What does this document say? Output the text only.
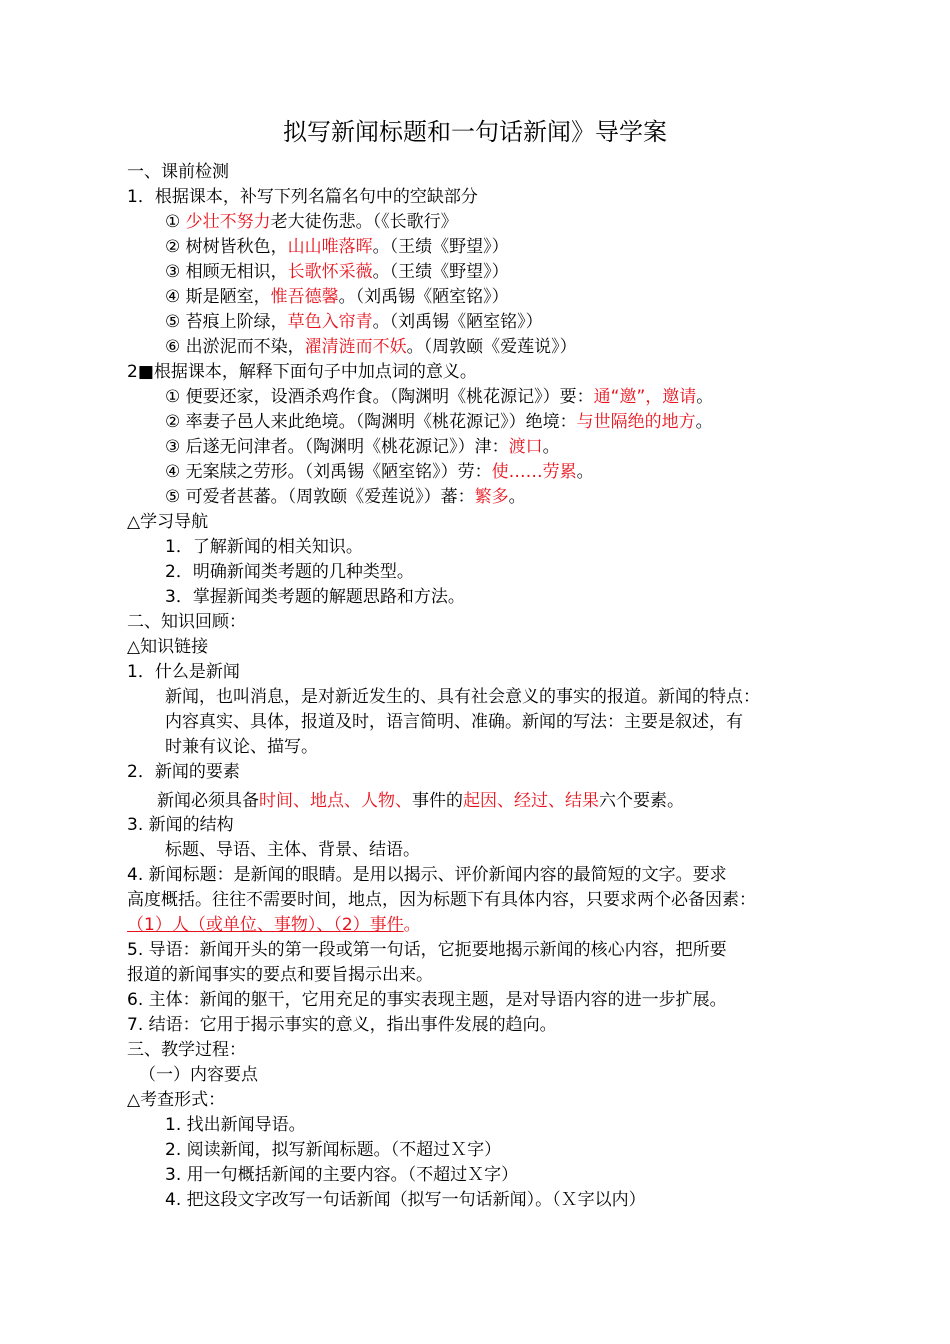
拟写新闻标题和一句话新闻》导学案
一、课前检测
1．根据课本，补写下列名篇名句中的空缺部分
① 少壮不努力老大徒伤悲。（《长歌行》
② 树树皆秋色，山山唯落晖。（王绩《野望》）
③ 相顾无相识，长歌怀采薇。（王绩《野望》）
④ 斯是陋室，惟吾德馨。（刘禹锡《陋室铭》）
⑤ 苔痕上阶绿，草色入帘青。（刘禹锡《陋室铭》）
⑥ 出淤泥而不染，濯清涟而不妖。（周敦颐《爱莲说》）
2■根据课本，解释下面句子中加点词的意义。
① 便要还家，设酒杀鸡作食。（陶渊明《桃花源记》）要：通“邀”，邀请。
② 率妻子邑人来此绝境。（陶渊明《桃花源记》）绝境：与世隔绝的地方。
③ 后遂无问津者。（陶渊明《桃花源记》）津：渡口。
④ 无案牍之劳形。（刘禹锡《陋室铭》）劳：使……劳累。
⑤ 可爱者甚蕃。（周敦颐《爱莲说》）蕃：繁多。
△学习导航
1．了解新闻的相关知识。
2．明确新闻类考题的几种类型。
3．掌握新闻类考题的解题思路和方法。
二、知识回顾：
△知识链接
1．什么是新闻
新闻，也叫消息，是对新近发生的、具有社会意义的事实的报道。新闻的特点：
内容真实、具体，报道及时，语言简明、准确。新闻的写法：主要是叙述，有
时兼有议论、描写。
2．新闻的要素
新闻必须具备时间、地点、人物、事件的起因、经过、结果六个要素。
3. 新闻的结构
标题、导语、主体、背景、结语。
4. 新闻标题：是新闻的眼睛。是用以揭示、评价新闻内容的最简短的文字。要求
高度概括。往往不需要时间，地点，因为标题下有具体内容，只要求两个必备因素：
（1）人（或单位、事物）、（2）事件。
5. 导语：新闻开头的第一段或第一句话，它扼要地揭示新闻的核心内容，把所要
报道的新闻事实的要点和要旨揭示出来。
6. 主体：新闻的躯干，它用充足的事实表现主题，是对导语内容的进一步扩展。
7. 结语：它用于揭示事实的意义，指出事件发展的趋向。
三、教学过程：
（一）内容要点
△考查形式：
1. 找出新闻导语。
2. 阅读新闻，拟写新闻标题。（不超过Ｘ字）
3. 用一句概括新闻的主要内容。（不超过Ｘ字）
4. 把这段文字改写一句话新闻（拟写一句话新闻）。（Ｘ字以内）
